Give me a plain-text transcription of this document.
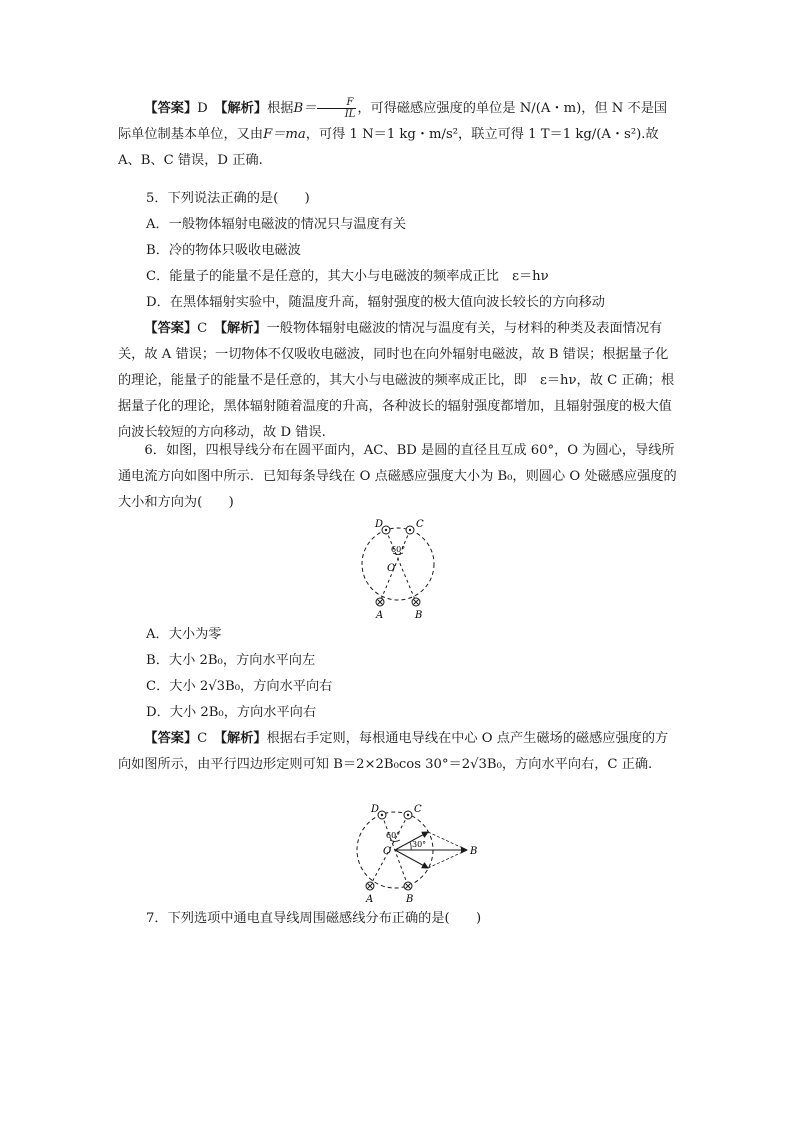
【答案】D　 【解析】根据$B= \frac{F}{IL}$ ，可得磁感应强度的单位是 N/(A・m)，但 N 不是国际单位制基本单位，又由F＝ma，可得 1 N＝1 kg・m/s²，联立可得 1 T＝1 kg/(A・s²).故 A、B、C 错误，D 正确.

5．下列说法正确的是(　　)

A．一般物体辐射电磁波的情况只与温度有关

B．冷的物体只吸收电磁波

C．能量子的能量不是任意的，其大小与电磁波的频率成正比　ε＝hν

D．在黑体辐射实验中，随温度升高，辐射强度的极大值向波长较长的方向移动

【答案】C　 【解析】一般物体辐射电磁波的情况与温度有关，与材料的种类及表面情况有关，故 A 错误；一切物体不仅吸收电磁波，同时也在向外辐射电磁波，故 B 错误；根据量子化的理论，能量子的能量不是任意的，其大小与电磁波的频率成正比，即　ε＝hν，故 C 正确；根据量子化的理论，黑体辐射随着温度的升高，各种波长的辐射强度都增加，且辐射强度的极大值向波长较短的方向移动，故 D 错误.

6．如图，四根导线分布在圆平面内，AC、BD 是圆的直径且互成 60°，O 为圆心，导线所通电流方向如图中所示．已知每条导线在 O 点磁感应强度大小为 B₀，则圆心 O 处磁感应强度的大小和方向为(　　)

D	C
O
60°
A	B

A．大小为零

B．大小 2B₀，方向水平向左

C．大小 2√3B₀，方向水平向右

D．大小 2B₀，方向水平向右

【答案】C　 【解析】根据右手定则，每根通电导线在中心 O 点产生磁场的磁感应强度的方向如图所示，由平行四边形定则可知 B＝2×2B₀cos 30°＝2√3B₀，方向水平向右，C 正确.

D	C
O
60°
30°
B
A	B

7．下列选项中通电直导线周围磁感线分布正确的是(　　)
